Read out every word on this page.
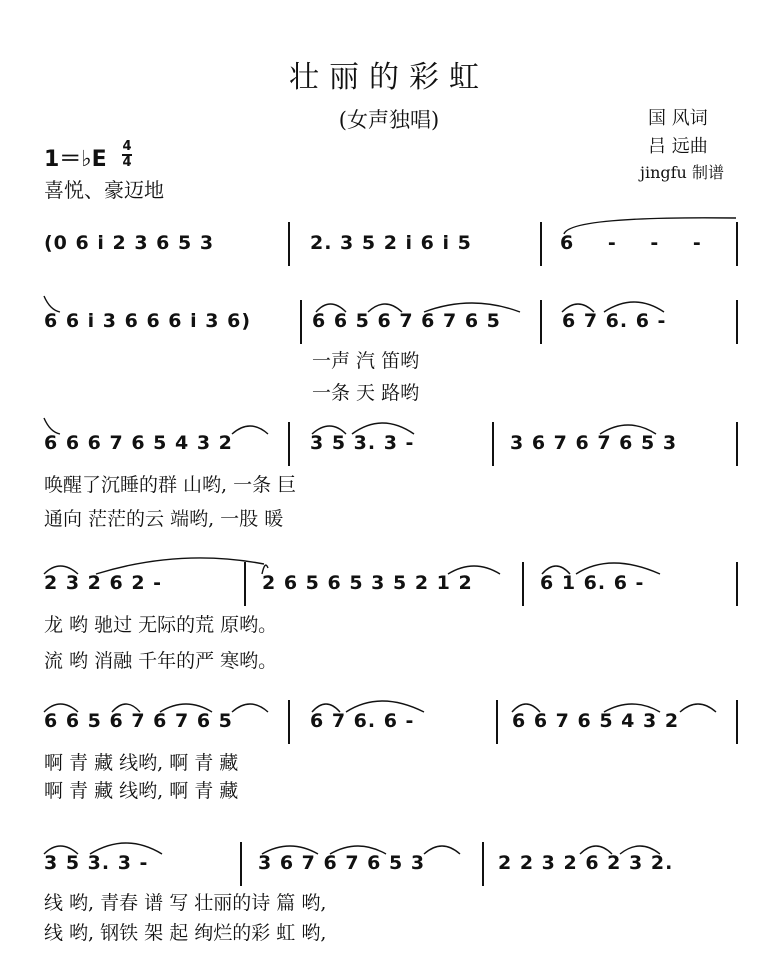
壮丽的彩虹
(女声独唱)	国 风词
吕 远曲
jingfu 制谱
1＝♭E
4
4
喜悦、豪迈地
(0 6 i 2 3 6 5 3	2. 3 5 2 i 6 i 5	6 - - -
6 6 i 3 6 6 6 i 3 6)	6 6 5 6 7 6 7 6 5	6 7 6. 6 -
一声 汽 笛哟
一条 天 路哟
6 6 6 7 6 5 4 3 2	3 5 3. 3 -	3 6 7 6 7 6 5 3
唤醒了沉睡的群 山哟, 一条 巨
通向 茫茫的云 端哟, 一股 暖
2 3 2 6 2 -	2 6 5 6 5 3 5 2 1 2	6 1 6. 6 -
龙 哟 驰过 无际的荒 原哟。
流 哟 消融 千年的严 寒哟。
6 6 5 6 7 6 7 6 5	6 7 6. 6 -	6 6 7 6 5 4 3 2
啊 青 藏 线哟, 啊 青 藏
啊 青 藏 线哟, 啊 青 藏
3 5 3. 3 -	3 6 7 6 7 6 5 3	2 2 3 2 6 2 3 2.
线 哟, 青春 谱 写 壮丽的诗 篇 哟,
线 哟, 钢铁 架 起 绚烂的彩 虹 哟,
